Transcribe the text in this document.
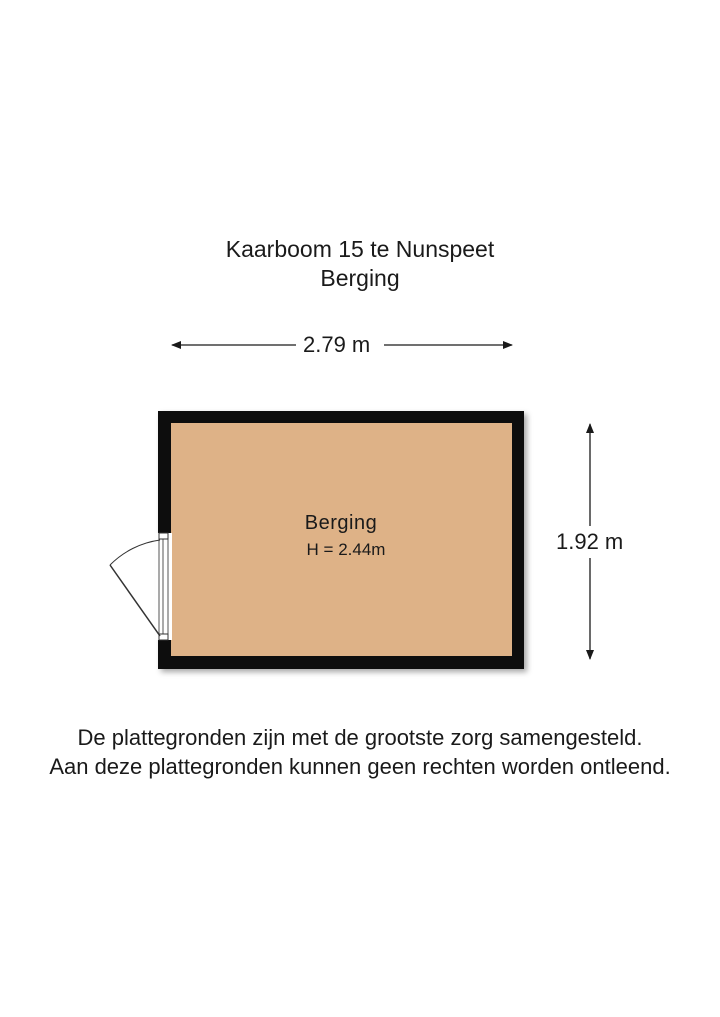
Kaarboom 15 te Nunspeet
Berging
2.79 m
1.92 m
Berging
H = 2.44m
De plattegronden zijn met de grootste zorg samengesteld.
Aan deze plattegronden kunnen geen rechten worden ontleend.
